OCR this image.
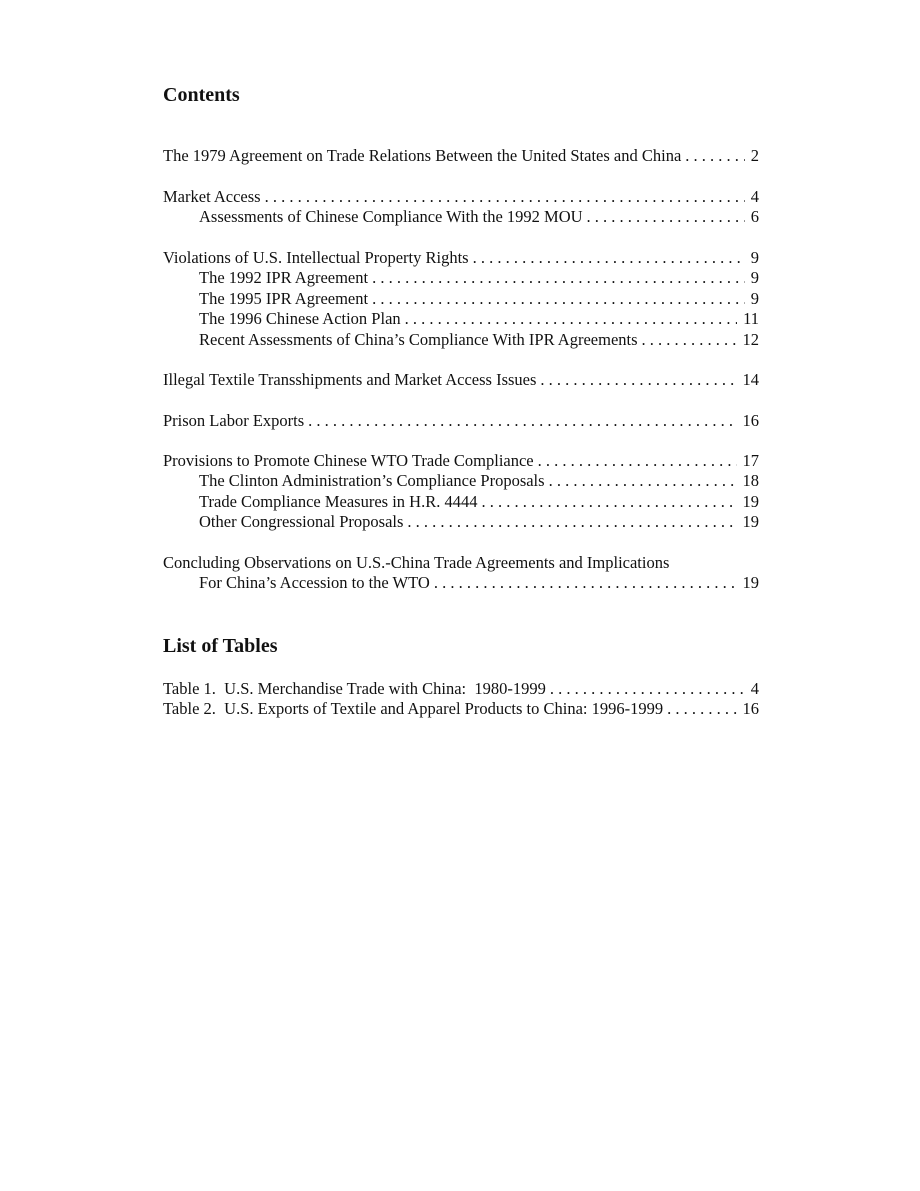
Contents
The 1979 Agreement on Trade Relations Between the United States and China . . .	2
Market Access . . .	4
Assessments of Chinese Compliance With the 1992 MOU . . .	6
Violations of U.S. Intellectual Property Rights . . .	9
The 1992 IPR Agreement . . .	9
The 1995 IPR Agreement . . .	9
The 1996 Chinese Action Plan . . .	11
Recent Assessments of China’s Compliance With IPR Agreements . . .	12
Illegal Textile Transshipments and Market Access Issues . . .	14
Prison Labor Exports . . .	16
Provisions to Promote Chinese WTO Trade Compliance . . .	17
The Clinton Administration’s Compliance Proposals . . .	18
Trade Compliance Measures in H.R. 4444 . . .	19
Other Congressional Proposals . . .	19
Concluding Observations on U.S.-China Trade Agreements and Implications
For China’s Accession to the WTO . . .	19
List of Tables
Table 1.  U.S. Merchandise Trade with China:  1980-1999 . . .	4
Table 2.  U.S. Exports of Textile and Apparel Products to China: 1996-1999 . . .	16
